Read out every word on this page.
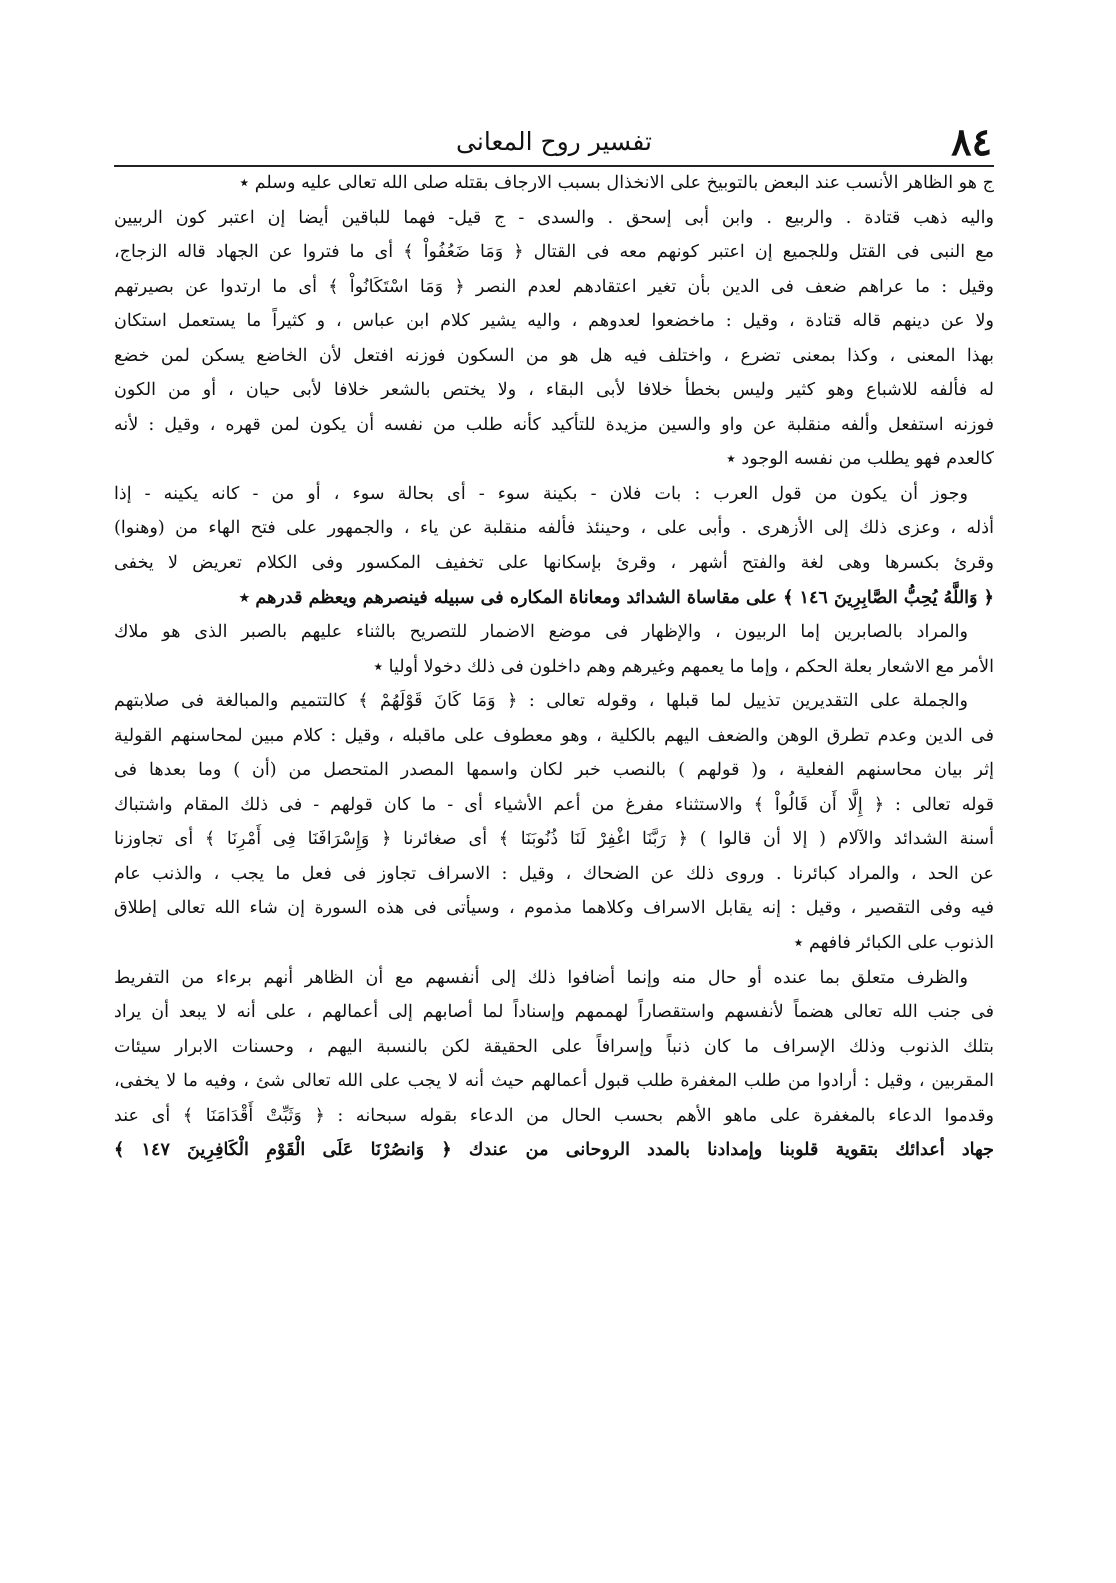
٨٤
تفسير روح المعانى
ج هو الظاهر الأنسب عند البعض بالتوبيخ على الانخذال بسبب الارجاف بقتله صلى الله تعالى عليه وسلم ٭
واليه ذهب قتادة . والربيع . وابن أبى إسحق . والسدى - ج قيل- فهما للباقين أيضا إن اعتبر كون الربيين
مع النبى فى القتل وللجميع إن اعتبر كونهم معه فى القتال ﴿ وَمَا ضَعُفُواْ ﴾ أى ما فتروا عن الجهاد قاله الزجاج،
وقيل : ما عراهم ضعف فى الدين بأن تغير اعتقادهم لعدم النصر ﴿ وَمَا اسْتَكَانُواْ ﴾ أى ما ارتدوا عن بصيرتهم
ولا عن دينهم قاله قتادة ، وقيل : ماخضعوا لعدوهم ، واليه يشير كلام ابن عباس ، و كثيراً ما يستعمل استكان
بهذا المعنى ، وكذا بمعنى تضرع ، واختلف فيه هل هو من السكون فوزنه افتعل لأن الخاضع يسكن لمن خضع
له فألفه للاشباع وهو كثير وليس بخطأ خلافا لأبى البقاء ، ولا يختص بالشعر خلافا لأبى حيان ، أو من الكون
فوزنه استفعل وألفه منقلبة عن واو والسين مزيدة للتأكيد كأنه طلب من نفسه أن يكون لمن قهره ، وقيل : لأنه
كالعدم فهو يطلب من نفسه الوجود ٭
وجوز أن يكون من قول العرب : بات فلان - بكينة سوء - أى بحالة سوء ، أو من - كانه يكينه - إذا
أذله ، وعزى ذلك إلى الأزهرى . وأبى على ، وحينئذ فألفه منقلبة عن ياء ، والجمهور على فتح الهاء من (وهنوا)
وقرئ بكسرها وهى لغة والفتح أشهر ، وقرئ بإسكانها على تخفيف المكسور وفى الكلام تعريض لا يخفى
﴿ وَاللَّهُ يُحِبُّ الصَّابِرِينَ ١٤٦ ﴾ على مقاساة الشدائد ومعاناة المكاره فى سبيله فينصرهم ويعظم قدرهم ٭
والمراد بالصابرين إما الربيون ، والإظهار فى موضع الاضمار للتصريح بالثناء عليهم بالصبر الذى هو ملاك
الأمر مع الاشعار بعلة الحكم ، وإما ما يعمهم وغيرهم وهم داخلون فى ذلك دخولا أوليا ٭
والجملة على التقديرين تذييل لما قبلها ، وقوله تعالى : ﴿ وَمَا كَانَ قَوْلَهُمْ ﴾ كالتتميم والمبالغة فى صلابتهم
فى الدين وعدم تطرق الوهن والضعف اليهم بالكلية ، وهو معطوف على ماقبله ، وقيل : كلام مبين لمحاسنهم القولية
إثر بيان محاسنهم الفعلية ، و( قولهم ) بالنصب خبر لكان واسمها المصدر المتحصل من (أن ) وما بعدها فى
قوله تعالى : ﴿ إِلَّا أَن قَالُواْ ﴾ والاستثناء مفرغ من أعم الأشياء أى - ما كان قولهم - فى ذلك المقام واشتباك
أسنة الشدائد والآلام ( إلا أن قالوا ) ﴿ رَبَّنَا اغْفِرْ لَنَا ذُنُوبَنَا ﴾ أى صغائرنا ﴿ وَإِسْرَافَنَا فِى أَمْرِنَا ﴾ أى تجاوزنا
عن الحد ، والمراد كبائرنا . وروى ذلك عن الضحاك ، وقيل : الاسراف تجاوز فى فعل ما يجب ، والذنب عام
فيه وفى التقصير ، وقيل : إنه يقابل الاسراف وكلاهما مذموم ، وسيأتى فى هذه السورة إن شاء الله تعالى إطلاق
الذنوب على الكبائر فافهم ٭
والظرف متعلق بما عنده أو حال منه وإنما أضافوا ذلك إلى أنفسهم مع أن الظاهر أنهم برءاء من التفريط
فى جنب الله تعالى هضماً لأنفسهم واستقصاراً لهممهم وإسناداً لما أصابهم إلى أعمالهم ، على أنه لا يبعد أن يراد
بتلك الذنوب وذلك الإسراف ما كان ذنباً وإسرافاً على الحقيقة لكن بالنسبة اليهم ، وحسنات الابرار سيئات
المقربين ، وقيل : أرادوا من طلب المغفرة طلب قبول أعمالهم حيث أنه لا يجب على الله تعالى شئ ، وفيه ما لا يخفى،
وقدموا الدعاء بالمغفرة على ماهو الأهم بحسب الحال من الدعاء بقوله سبحانه : ﴿ وَثَبِّتْ أَقْدَامَنَا ﴾ أى عند
جهاد أعدائك بتقوية قلوبنا وإمدادنا بالمدد الروحانى من عندك ﴿ وَانصُرْنَا عَلَى الْقَوْمِ الْكَافِرِينَ ١٤٧ ﴾
